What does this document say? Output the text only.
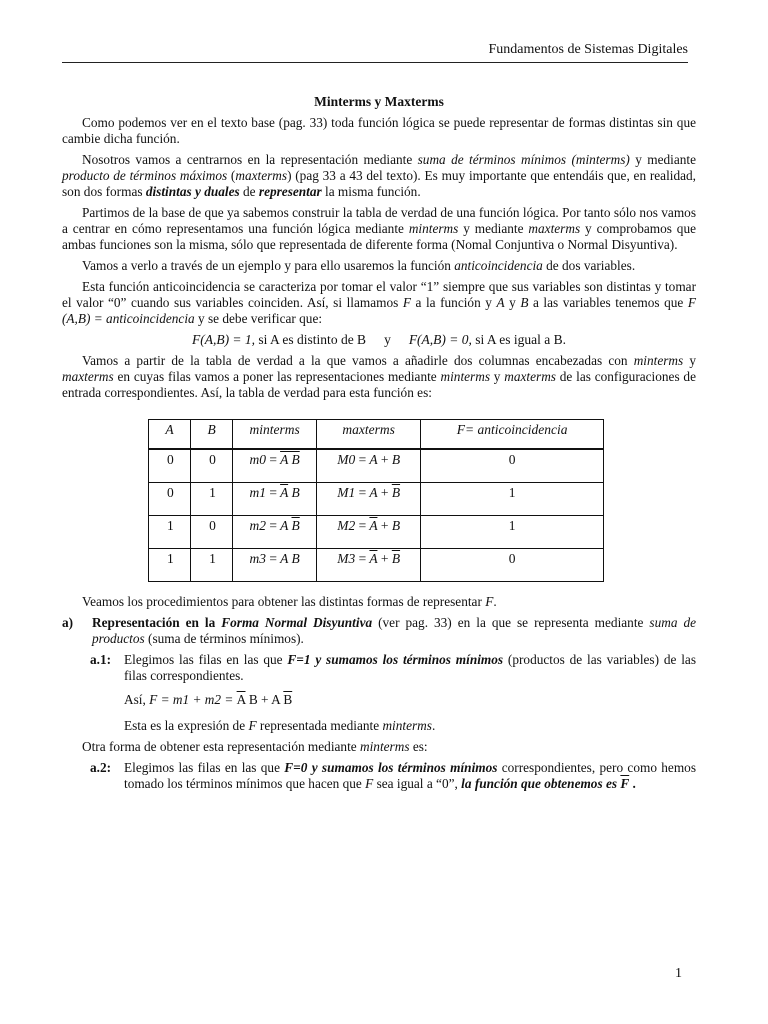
Fundamentos de Sistemas Digitales
Minterms y Maxterms

Como podemos ver en el texto base (pag. 33) toda función lógica se puede representar de formas distintas sin que cambie dicha función.

Nosotros vamos a centrarnos en la representación mediante suma de términos mínimos (minterms) y mediante producto de términos máximos (maxterms) (pag 33 a 43 del texto). Es muy importante que entendáis que, en realidad, son dos formas distintas y duales de representar la misma función.

Partimos de la base de que ya sabemos construir la tabla de verdad de una función lógica. Por tanto sólo nos vamos a centrar en cómo representamos una función lógica mediante minterms y mediante maxterms y comprobamos que ambas funciones son la misma, sólo que representada de diferente forma (Nomal Conjuntiva o Normal Disyuntiva).

Vamos a verlo a través de un ejemplo y para ello usaremos la función anticoincidencia de dos variables.

Esta función anticoincidencia se caracteriza por tomar el valor “1” siempre que sus variables son distintas y tomar el valor “0” cuando sus variables coinciden. Así, si llamamos F a la función y A y B a las variables tenemos que F (A,B) = anticoincidencia y se debe verificar que:

F(A,B) = 1, si A es distinto de B y F(A,B) = 0, si A es igual a B.

Vamos a partir de la tabla de verdad a la que vamos a añadirle dos columnas encabezadas con minterms y maxterms en cuyas filas vamos a poner las representaciones mediante minterms y maxterms de las configuraciones de entrada correspondientes. Así, la tabla de verdad para esta función es:

A	B	minterms	maxterms	F= anticoincidencia
0	0	m0 = A B	M0 = A + B	0
0	1	$m1 = \overline{A}$ B	$M1 = A + \overline{B}$	1
1	0	m2 = A $\overline{B}$	$M2 = \overline{A} + B$	1
1	1	m3 = A B	$M3 = \overline{A} + \overline{B}$	0

Veamos los procedimientos para obtener las distintas formas de representar F.

a)	Representación en la Forma Normal Disyuntiva (ver pag. 33) en la que se representa mediante suma de productos (suma de términos mínimos).
a.1: Elegimos las filas en las que F=1 y sumamos los términos mínimos (productos de las variables) de las filas correspondientes.
Así, $F = m1 + m2 = \overline{A}$ B + A $\overline{B}$
Esta es la expresión de F representada mediante minterms.

Otra forma de obtener esta representación mediante minterms es:

a.2: Elegimos las filas en las que F=0 y sumamos los términos mínimos correspondientes, pero como hemos tomado los términos mínimos que hacen que F sea igual a “0”, la función que obtenemos es $\overline{F}$ .
1
